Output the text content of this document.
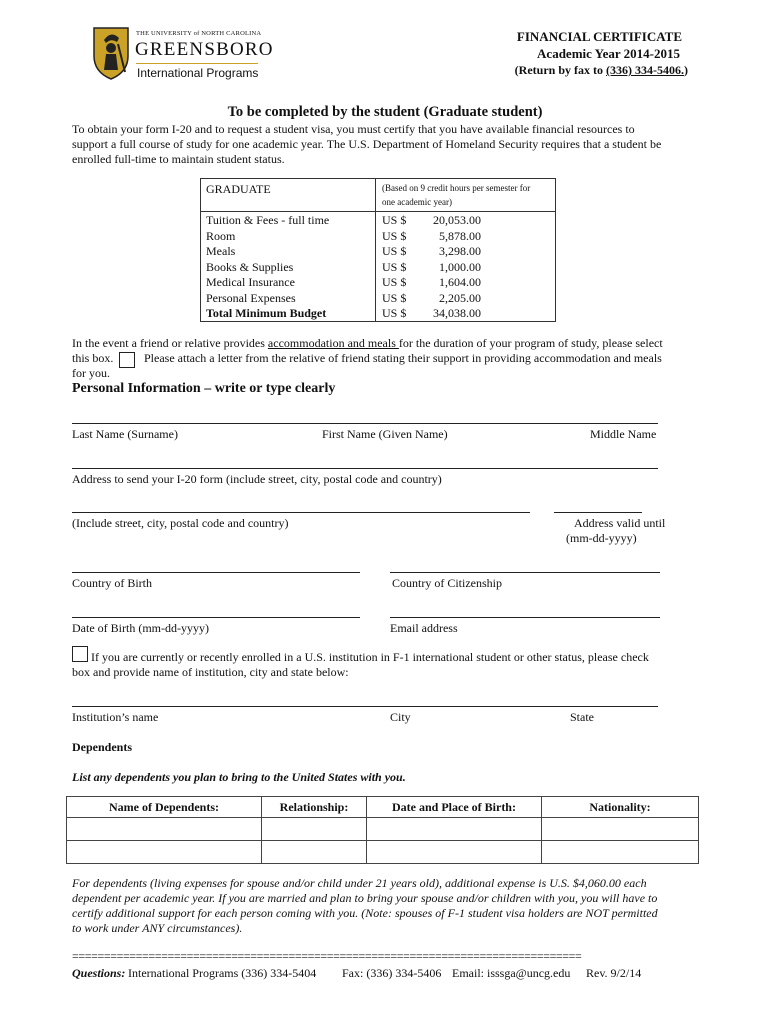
THE UNIVERSITY of NORTH CAROLINA
GREENSBORO
International Programs
FINANCIAL CERTIFICATE
Academic Year 2014-2015
(Return by fax to (336) 334-5406.)
To be completed by the student (Graduate student)
To obtain your form I-20 and to request a student visa, you must certify that you have available financial resources to
support a full course of study for one academic year. The U.S. Department of Homeland Security requires that a student be
enrolled full-time to maintain student status.
GRADUATE	(Based on 9 credit hours per semester for
one academic year)
Tuition & Fees - full time	US $ 20,053.00
Room	US $	5,878.00
Meals	US $	3,298.00
Books & Supplies	US $	1,000.00
Medical Insurance	US $	1,604.00
Personal Expenses	US $	2,205.00
Total Minimum Budget	US $ 34,038.00
In the event a friend or relative provides accommodation and meals for the duration of your program of study, please select
this box.	Please attach a letter from the relative of friend stating their support in providing accommodation and meals
for you.
Personal Information – write or type clearly
Last Name (Surname)	First Name (Given Name)	Middle Name
Address to send your I-20 form (include street, city, postal code and country)
(Include street, city, postal code and country)	Address valid until
(mm-dd-yyyy)
Country of Birth	Country of Citizenship
Date of Birth (mm-dd-yyyy)	Email address
If you are currently or recently enrolled in a U.S. institution in F-1 international student or other status, please check
box and provide name of institution, city and state below:
Institution’s name	City	State
Dependents
List any dependents you plan to bring to the United States with you.
Name of Dependents:	Relationship:	Date and Place of Birth:	Nationality:

For dependents (living expenses for spouse and/or child under 21 years old), additional expense is U.S. $4,060.00 each
dependent per academic year. If you are married and plan to bring your spouse and/or children with you, you will have to
certify additional support for each person coming with you. (Note: spouses of F-1 student visa holders are NOT permitted
to work under ANY circumstances).
================================================================================
Questions: International Programs (336) 334-5404 Fax: (336) 334-5406 Email: isssga@uncg.edu Rev. 9/2/14
